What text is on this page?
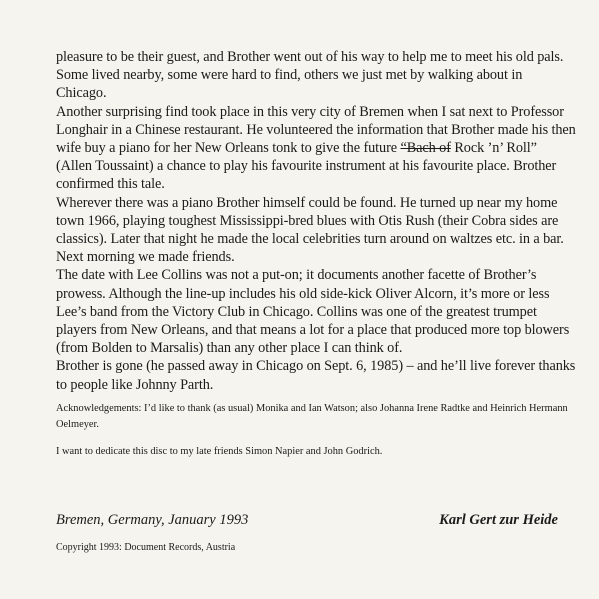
pleasure to be their guest, and Brother went out of his way to help me to meet his old pals. Some lived nearby, some were hard to find, others we just met by walking about in Chicago.

Another surprising find took place in this very city of Bremen when I sat next to Professor Longhair in a Chinese restaurant. He volunteered the information that Brother made his then wife buy a piano for her New Orleans tonk to give the future “Bach of Rock ’n’ Roll” (Allen Toussaint) a chance to play his favourite instrument at his favourite place. Brother confirmed this tale.

Wherever there was a piano Brother himself could be found. He turned up near my home town 1966, playing toughest Mississippi-bred blues with Otis Rush (their Cobra sides are classics). Later that night he made the local celebrities turn around on waltzes etc. in a bar. Next morning we made friends.

The date with Lee Collins was not a put-on; it documents another facette of Brother’s prowess. Although the line-up includes his old side-kick Oliver Alcorn, it’s more or less Lee’s band from the Victory Club in Chicago. Collins was one of the greatest trumpet players from New Orleans, and that means a lot for a place that produced more top blowers (from Bolden to Marsalis) than any other place I can think of.

Brother is gone (he passed away in Chicago on Sept. 6, 1985) – and he’ll live forever thanks to people like Johnny Parth.

Acknowledgements: I’d like to thank (as usual) Monika and Ian Watson; also Johanna Irene Radtke and Heinrich Hermann Oelmeyer.

I want to dedicate this disc to my late friends Simon Napier and John Godrich.

Bremen, Germany, January 1993	Karl Gert zur Heide

Copyright 1993: Document Records, Austria
